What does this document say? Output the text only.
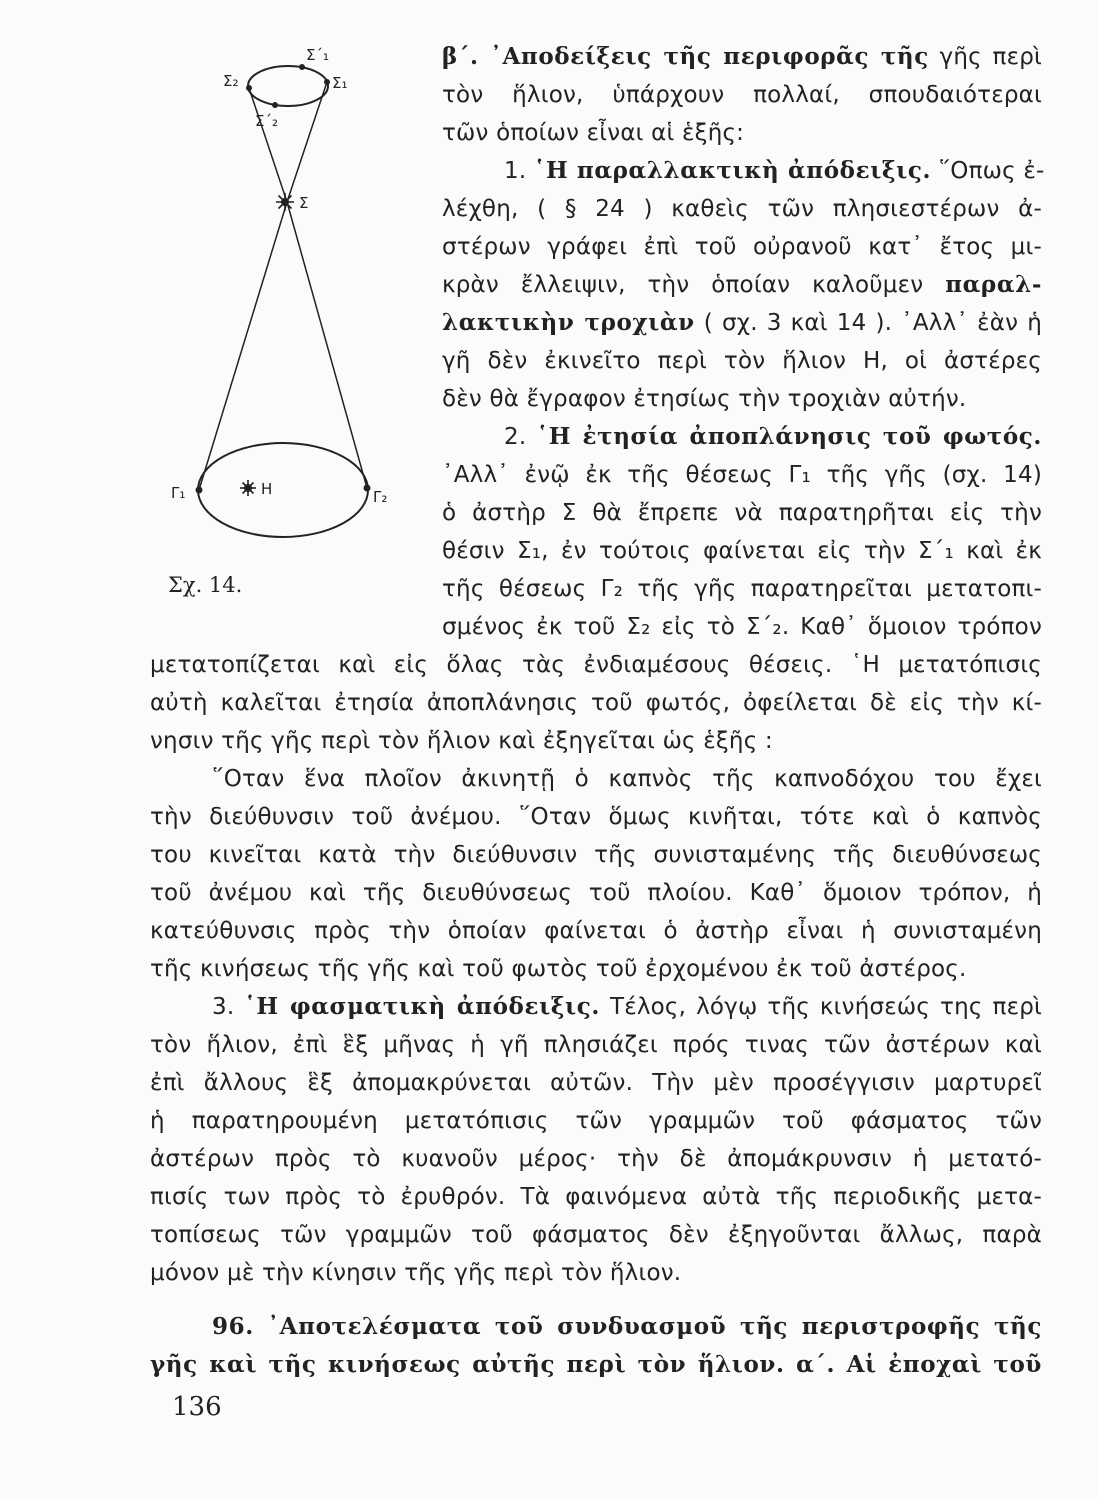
Σ₂
Σ΄₁
Σ₁
Σ΄₂
Σ
Η
Γ₁	Γ₂
Σχ. 14.
β΄. ᾿Αποδείξεις τῆς περιφορᾶς τῆς γῆς περὶ
τὸν ἥλιον, ὑπάρχουν πολλαί, σπουδαιότεραι
τῶν ὁποίων εἶναι αἱ ἑξῆς:
1. ῾Η παραλλακτικὴ ἀπόδειξις. ῞Οπως ἐ-
λέχθη, ( § 24 ) καθεὶς τῶν πλησιεστέρων ἀ-
στέρων γράφει ἐπὶ τοῦ οὐρανοῦ κατ᾿ ἔτος μι-
κρὰν ἔλλειψιν, τὴν ὁποίαν καλοῦμεν παραλ-
λακτικὴν τροχιὰν ( σχ. 3 καὶ 14 ). ᾿Αλλ᾿ ἐὰν ἡ
γῆ δὲν ἐκινεῖτο περὶ τὸν ἥλιον Η, οἱ ἀστέρες
δὲν θὰ ἔγραφον ἐτησίως τὴν τροχιὰν αὐτήν.
2. ῾Η ἐτησία ἀποπλάνησις τοῦ φωτός.
᾿Αλλ᾿ ἐνῷ ἐκ τῆς θέσεως Γ₁ τῆς γῆς (σχ. 14)
ὁ ἀστὴρ Σ θὰ ἔπρεπε νὰ παρατηρῆται εἰς τὴν
θέσιν Σ₁, ἐν τούτοις φαίνεται εἰς τὴν Σ΄₁ καὶ ἐκ
τῆς θέσεως Γ₂ τῆς γῆς παρατηρεῖται μετατοπι-
σμένος ἐκ τοῦ Σ₂ εἰς τὸ Σ΄₂. Καθ᾿ ὅμοιον τρόπον
μετατοπίζεται καὶ εἰς ὅλας τὰς ἐνδιαμέσους θέσεις. ῾Η μετατόπισις
αὐτὴ καλεῖται ἐτησία ἀποπλάνησις τοῦ φωτός, ὀφείλεται δὲ εἰς τὴν κί-
νησιν τῆς γῆς περὶ τὸν ἥλιον καὶ ἐξηγεῖται ὡς ἑξῆς :
῞Οταν ἕνα πλοῖον ἀκινητῇ ὁ καπνὸς τῆς καπνοδόχου του ἔχει
τὴν διεύθυνσιν τοῦ ἀνέμου. ῞Οταν ὅμως κινῆται, τότε καὶ ὁ καπνὸς
του κινεῖται κατὰ τὴν διεύθυνσιν τῆς συνισταμένης τῆς διευθύνσεως
τοῦ ἀνέμου καὶ τῆς διευθύνσεως τοῦ πλοίου. Καθ᾿ ὅμοιον τρόπον, ἡ
κατεύθυνσις πρὸς τὴν ὁποίαν φαίνεται ὁ ἀστὴρ εἶναι ἡ συνισταμένη
τῆς κινήσεως τῆς γῆς καὶ τοῦ φωτὸς τοῦ ἐρχομένου ἐκ τοῦ ἀστέρος.
3. ῾Η φασματικὴ ἀπόδειξις. Τέλος, λόγῳ τῆς κινήσεώς της περὶ
τὸν ἥλιον, ἐπὶ ἓξ μῆνας ἡ γῆ πλησιάζει πρός τινας τῶν ἀστέρων καὶ
ἐπὶ ἄλλους ἓξ ἀπομακρύνεται αὐτῶν. Τὴν μὲν προσέγγισιν μαρτυρεῖ
ἡ παρατηρουμένη μετατόπισις τῶν γραμμῶν τοῦ φάσματος τῶν
ἀστέρων πρὸς τὸ κυανοῦν μέρος· τὴν δὲ ἀπομάκρυνσιν ἡ μετατό-
πισίς των πρὸς τὸ ἐρυθρόν. Τὰ φαινόμενα αὐτὰ τῆς περιοδικῆς μετα-
τοπίσεως τῶν γραμμῶν τοῦ φάσματος δὲν ἐξηγοῦνται ἄλλως, παρὰ
μόνον μὲ τὴν κίνησιν τῆς γῆς περὶ τὸν ἥλιον.
96. ᾿Αποτελέσματα τοῦ συνδυασμοῦ τῆς περιστροφῆς τῆς
γῆς καὶ τῆς κινήσεως αὐτῆς περὶ τὸν ἥλιον. α΄. Αἱ ἐποχαὶ τοῦ
136
